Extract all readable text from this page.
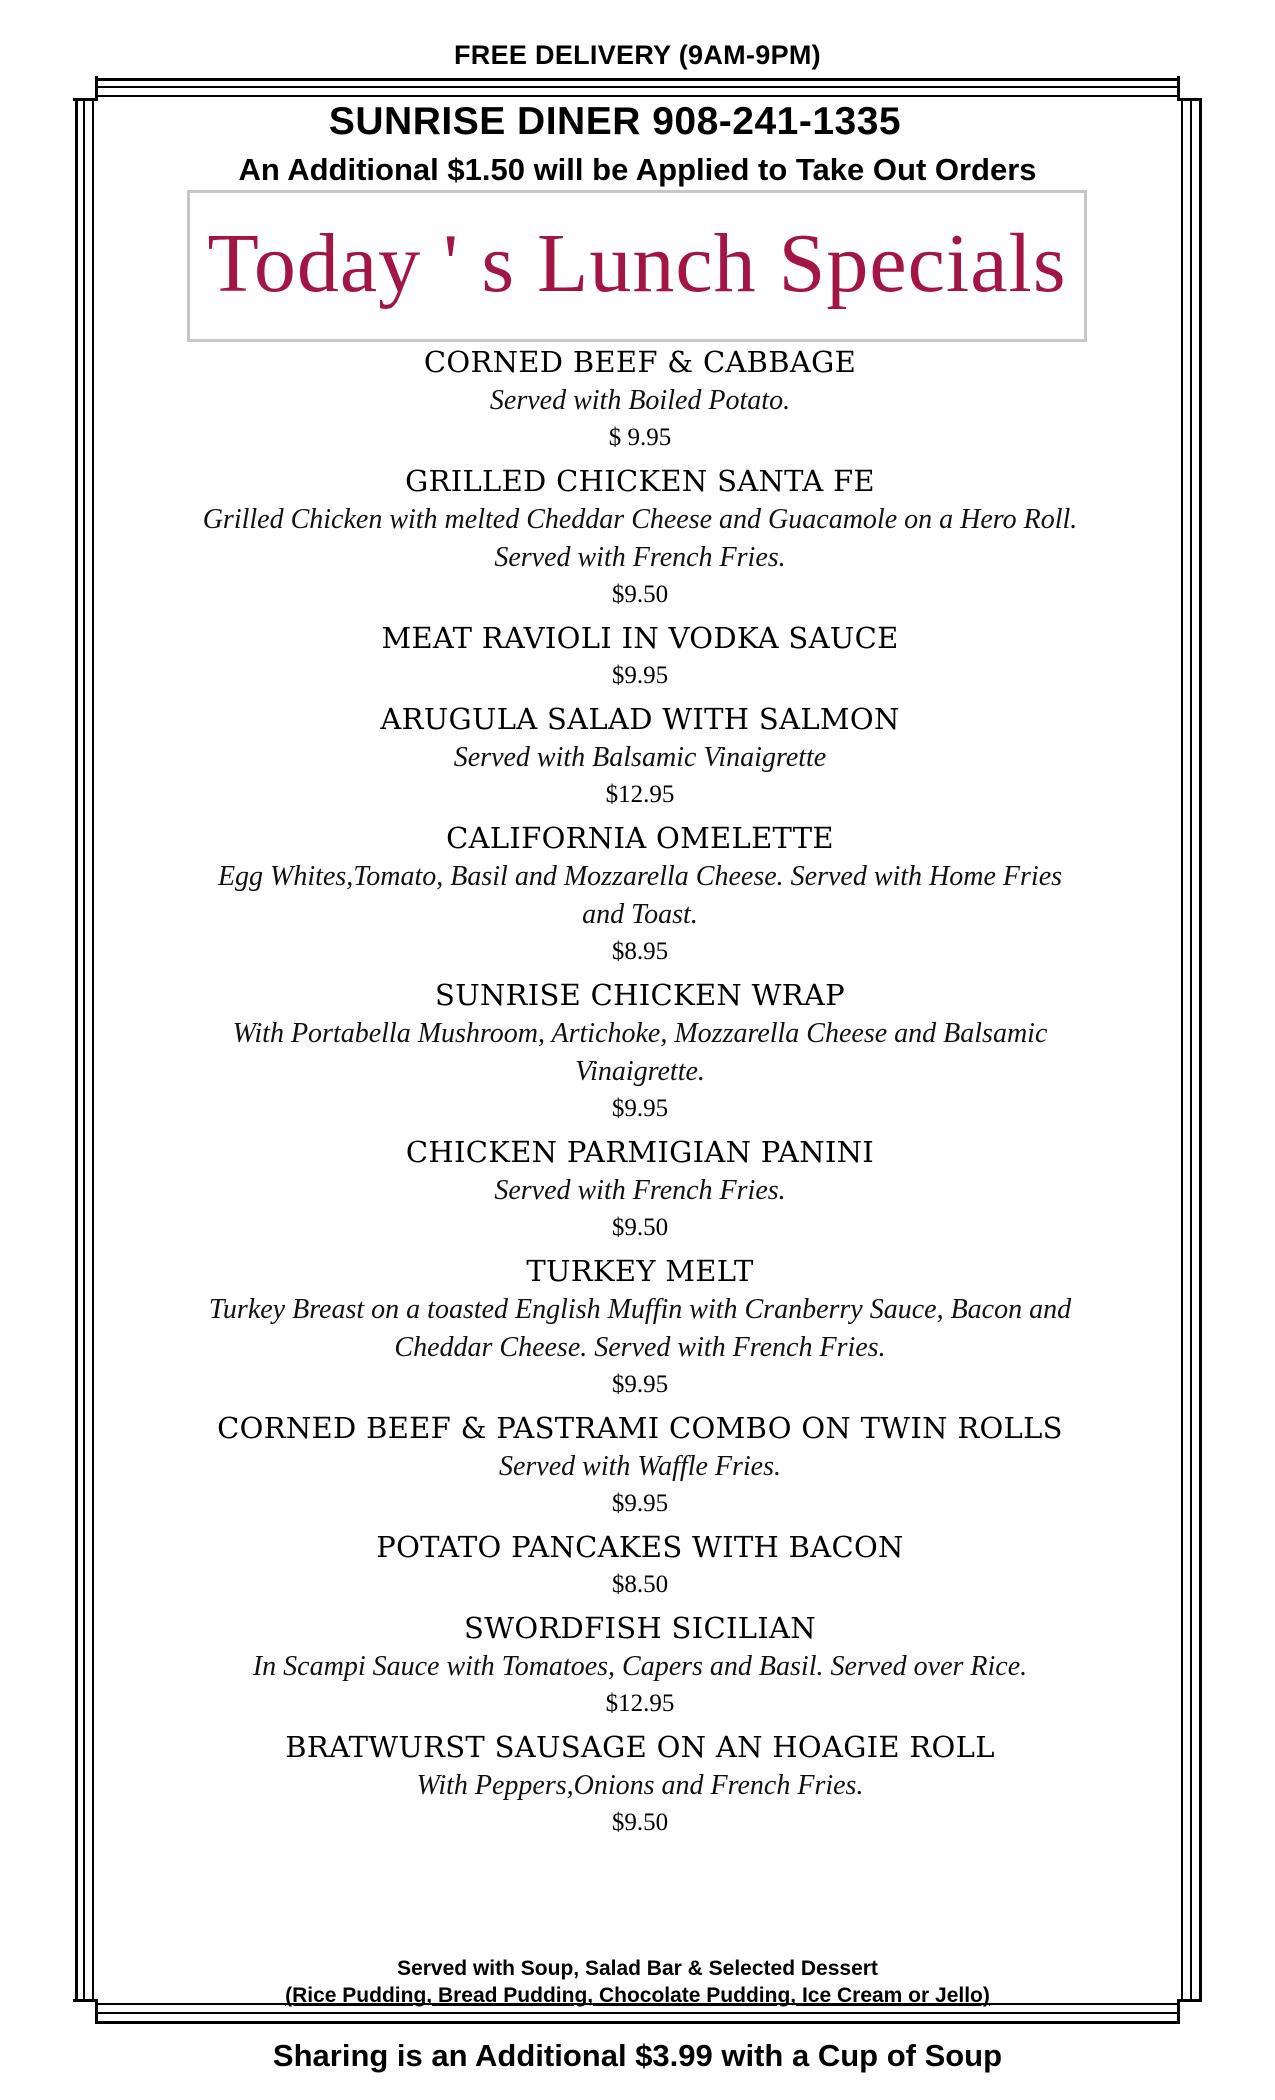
FREE DELIVERY (9AM-9PM)
SUNRISE DINER 908-241-1335
An Additional $1.50 will be Applied to Take Out Orders
Today ' s Lunch Specials
CORNED BEEF & CABBAGE
Served with Boiled Potato.
$ 9.95
GRILLED CHICKEN SANTA FE
Grilled Chicken with melted Cheddar Cheese and Guacamole on a Hero Roll. Served with French Fries.
$9.50
MEAT RAVIOLI IN VODKA SAUCE
$9.95
ARUGULA SALAD WITH SALMON
Served with Balsamic Vinaigrette
$12.95
CALIFORNIA OMELETTE
Egg Whites,Tomato, Basil and Mozzarella Cheese. Served with Home Fries and Toast.
$8.95
SUNRISE CHICKEN WRAP
With Portabella Mushroom, Artichoke, Mozzarella Cheese and Balsamic Vinaigrette.
$9.95
CHICKEN PARMIGIAN PANINI
Served with French Fries.
$9.50
TURKEY MELT
Turkey Breast on a toasted English Muffin with Cranberry Sauce, Bacon and Cheddar Cheese. Served with French Fries.
$9.95
CORNED BEEF & PASTRAMI COMBO ON TWIN ROLLS
Served with Waffle Fries.
$9.95
POTATO PANCAKES WITH BACON
$8.50
SWORDFISH SICILIAN
In Scampi Sauce with Tomatoes, Capers and Basil. Served over Rice.
$12.95
BRATWURST SAUSAGE ON AN HOAGIE ROLL
With Peppers,Onions and French Fries.
$9.50
Served with Soup, Salad Bar & Selected Dessert
(Rice Pudding, Bread Pudding, Chocolate Pudding, Ice Cream or Jello)
Sharing is an Additional $3.99 with a Cup of Soup
